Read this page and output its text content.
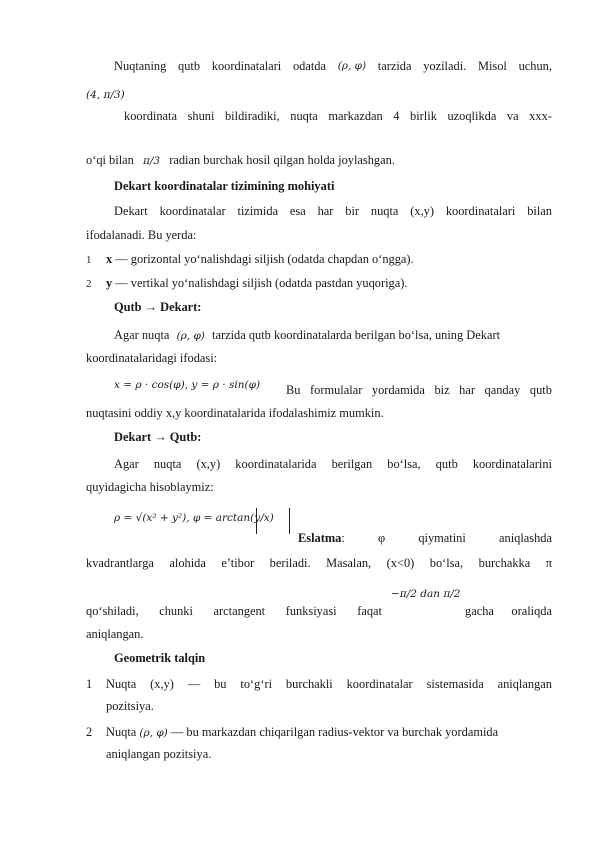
Nuqtaning qutb koordinatalari odatda (ρ, φ) tarzida yoziladi. Misol uchun,
(4, π/3)
koordinata shuni bildiradiki, nuqta markazdan 4 birlik uzoqlikda va xxx-
o‘qi bilan π/3 radian burchak hosil qilgan holda joylashgan.
Dekart koordinatalar tizimining mohiyati
Dekart koordinatalar tizimida esa har bir nuqta (x,y) koordinatalari bilan
ifodalanadi. Bu yerda:
1 x — gorizontal yo‘nalishdagi siljish (odatda chapdan o‘ngga).
2 y — vertikal yo‘nalishdagi siljish (odatda pastdan yuqoriga).
Qutb → Dekart:
Agar nuqta (ρ, φ) tarzida qutb koordinatalarda berilgan bo‘lsa, uning Dekart
koordinatalaridagi ifodasi:
x = ρ · cos(φ), y = ρ · sin(φ) Bu formulalar yordamida biz har qanday qutb
nuqtasini oddiy x,y koordinatalarida ifodalashimiz mumkin.
Dekart → Qutb:
Agar nuqta (x,y) koordinatalarida berilgan bo‘lsa, qutb koordinatalarini
quyidagicha hisoblaymiz:
ρ = √(x² + y²), φ = arctan(y/x)
Eslatma:	φ	qiymatini	aniqlashda
kvadrantlarga alohida e’tibor beriladi. Masalan, (x<0) bo‘lsa, burchakka π
qo‘shiladi, chunki arctangent funksiyasi faqat
−π/2 dan π/2
gacha oraliqda
aniqlangan.
Geometrik talqin
1 Nuqta (x,y) — bu to‘g‘ri burchakli koordinatalar sistemasida aniqlangan
pozitsiya.
2 Nuqta (ρ, φ) — bu markazdan chiqarilgan radius-vektor va burchak yordamida
aniqlangan pozitsiya.
